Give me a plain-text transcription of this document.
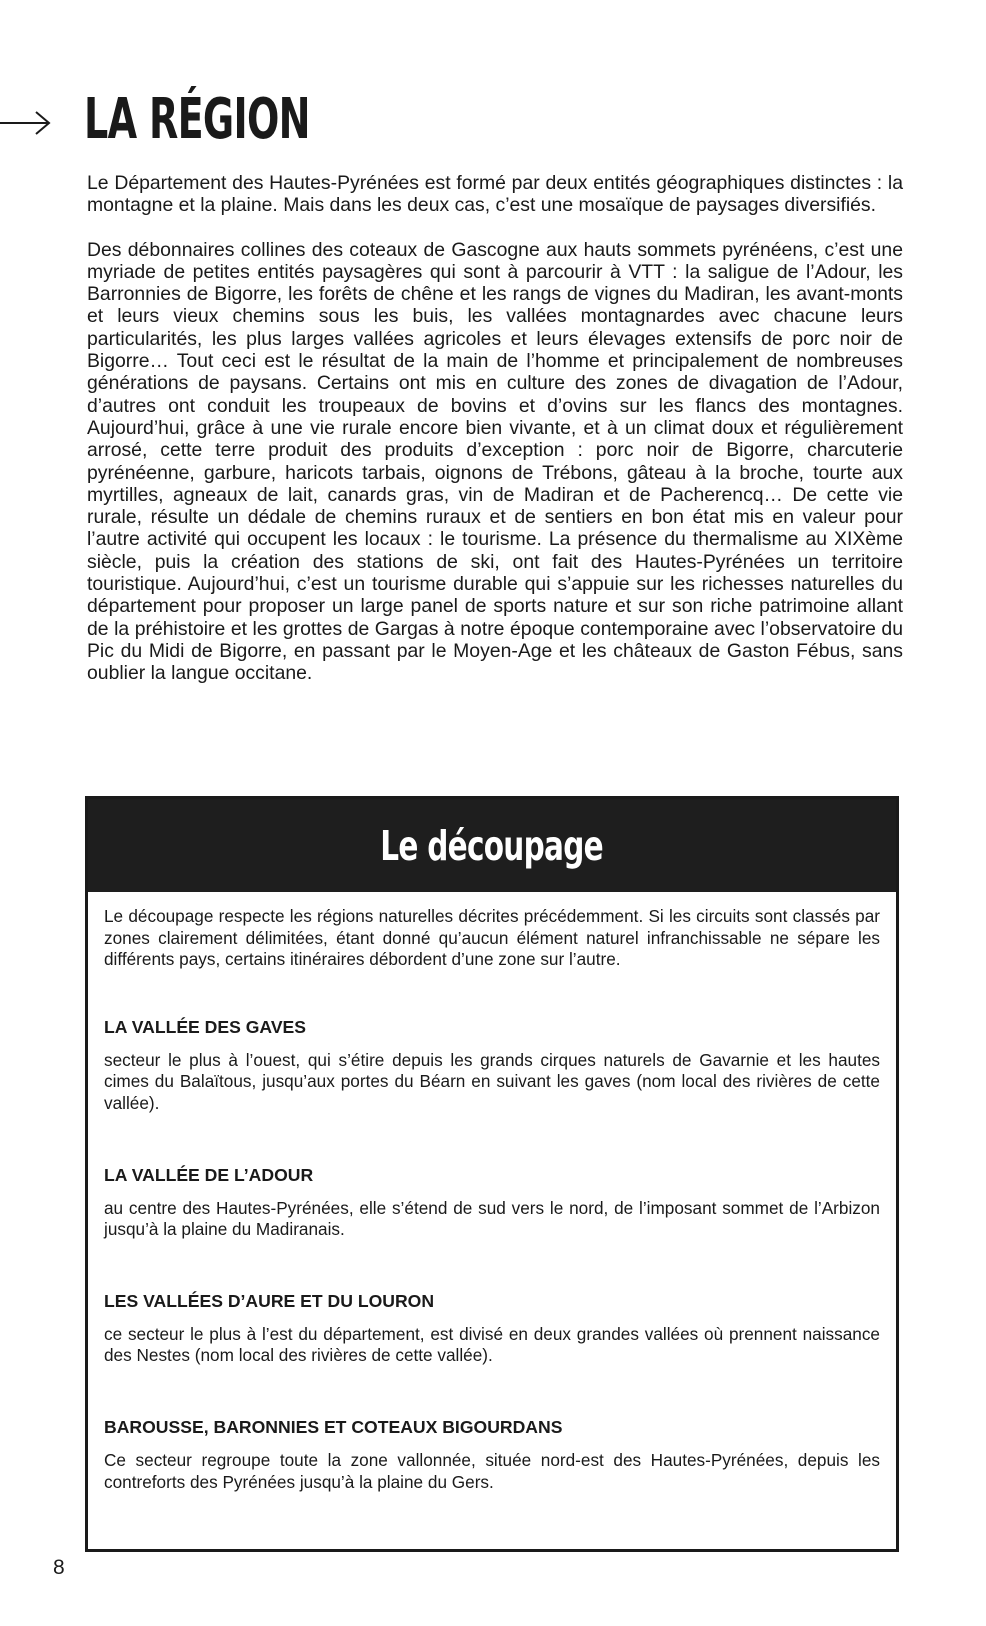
LA RÉGION

Le Département des Hautes-Pyrénées est formé par deux entités géographiques distinctes : la montagne et la plaine. Mais dans les deux cas, c’est une mosaïque de paysages diversifiés.

Des débonnaires collines des coteaux de Gascogne aux hauts sommets pyrénéens, c’est une myriade de petites entités paysagères qui sont à parcourir à VTT : la saligue de l’Adour, les Barronnies de Bigorre, les forêts de chêne et les rangs de vignes du Madiran, les avant-monts et leurs vieux chemins sous les buis, les vallées montagnardes avec chacune leurs particularités, les plus larges vallées agricoles et leurs élevages extensifs de porc noir de Bigorre… Tout ceci est le résultat de la main de l’homme et principalement de nombreuses générations de paysans. Certains ont mis en culture des zones de divagation de l’Adour, d’autres ont conduit les troupeaux de bovins et d’ovins sur les flancs des montagnes. Aujourd’hui, grâce à une vie rurale encore bien vivante, et à un climat doux et régulièrement arrosé, cette terre produit des produits d’exception : porc noir de Bigorre, charcuterie pyrénéenne, garbure, haricots tarbais, oignons de Trébons, gâteau à la broche, tourte aux myrtilles, agneaux de lait, canards gras, vin de Madiran et de Pacherencq… De cette vie rurale, résulte un dédale de chemins ruraux et de sentiers en bon état mis en valeur pour l’autre activité qui occupent les locaux : le tourisme. La présence du thermalisme au XIXème siècle, puis la création des stations de ski, ont fait des Hautes-Pyrénées un territoire touristique. Aujourd’hui, c’est un tourisme durable qui s’appuie sur les richesses naturelles du département pour proposer un large panel de sports nature et sur son riche patrimoine allant de la préhistoire et les grottes de Gargas à notre époque contemporaine avec l’observatoire du Pic du Midi de Bigorre, en passant par le Moyen-Age et les châteaux de Gaston Fébus, sans oublier la langue occitane.

Le découpage

Le découpage respecte les régions naturelles décrites précédemment. Si les circuits sont classés par zones clairement délimitées, étant donné qu’aucun élément naturel infranchissable ne sépare les différents pays, certains itinéraires débordent d’une zone sur l’autre.

LA VALLÉE DES GAVES

secteur le plus à l’ouest, qui s’étire depuis les grands cirques naturels de Gavarnie et les hautes cimes du Balaïtous, jusqu’aux portes du Béarn en suivant les gaves (nom local des rivières de cette vallée).

LA VALLÉE DE L’ADOUR

au centre des Hautes-Pyrénées, elle s’étend de sud vers le nord, de l’imposant sommet de l’Arbizon jusqu’à la plaine du Madiranais.

LES VALLÉES D’AURE ET DU LOURON

ce secteur le plus à l’est du département, est divisé en deux grandes vallées où prennent naissance des Nestes (nom local des rivières de cette vallée).

BAROUSSE, BARONNIES ET COTEAUX BIGOURDANS

Ce secteur regroupe toute la zone vallonnée, située nord-est des Hautes-Pyrénées, depuis les contreforts des Pyrénées jusqu’à la plaine du Gers.

8
